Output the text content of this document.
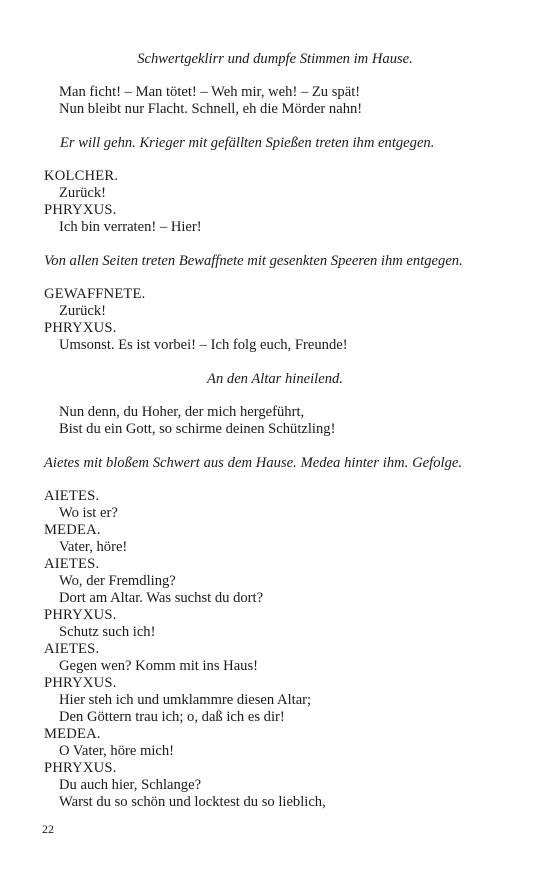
Schwertgeklirr und dumpfe Stimmen im Hause.
Man ficht! – Man tötet! – Weh mir, weh! – Zu spät!
Nun bleibt nur Flacht. Schnell, eh die Mörder nahn!
Er will gehn. Krieger mit gefällten Spießen treten ihm entgegen.
KOLCHER.
Zurück!
PHRYXUS.
Ich bin verraten! – Hier!
Von allen Seiten treten Bewaffnete mit gesenkten Speeren ihm entgegen.
GEWAFFNETE.
Zurück!
PHRYXUS.
Umsonst. Es ist vorbei! – Ich folg euch, Freunde!
An den Altar hineilend.
Nun denn, du Hoher, der mich hergeführt,
Bist du ein Gott, so schirme deinen Schützling!
Aietes mit bloßem Schwert aus dem Hause. Medea hinter ihm. Gefolge.
AIETES.
Wo ist er?
MEDEA.
Vater, höre!
AIETES.
Wo, der Fremdling?
Dort am Altar. Was suchst du dort?
PHRYXUS.
Schutz such ich!
AIETES.
Gegen wen? Komm mit ins Haus!
PHRYXUS.
Hier steh ich und umklammre diesen Altar;
Den Göttern trau ich; o, daß ich es dir!
MEDEA.
O Vater, höre mich!
PHRYXUS.
Du auch hier, Schlange?
Warst du so schön und locktest du so lieblich,
22
